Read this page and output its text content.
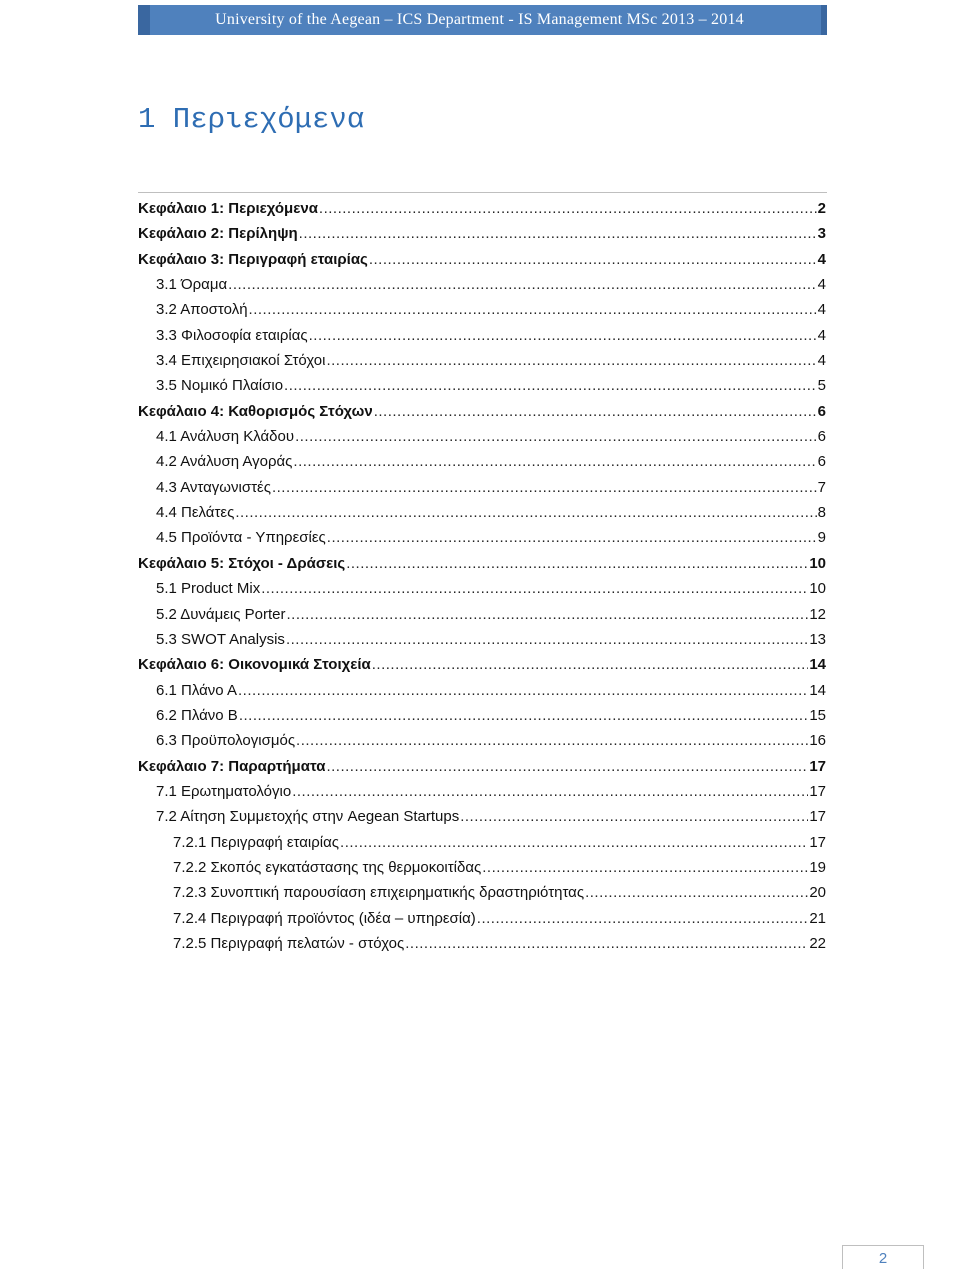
University of the Aegean – ICS Department - IS Management MSc 2013 – 2014
1 Περιεχόμενα
Κεφάλαιο 1: Περιεχόμενα .....	2
Κεφάλαιο 2: Περίληψη .....	3
Κεφάλαιο 3: Περιγραφή εταιρίας .....	4
3.1 Όραμα .....	4
3.2 Αποστολή .....	4
3.3 Φιλοσοφία εταιρίας .....	4
3.4 Επιχειρησιακοί Στόχοι .....	4
3.5 Νομικό Πλαίσιο .....	5
Κεφάλαιο 4: Καθορισμός Στόχων .....	6
4.1 Ανάλυση Κλάδου .....	6
4.2 Ανάλυση Αγοράς .....	6
4.3 Ανταγωνιστές .....	7
4.4 Πελάτες .....	8
4.5 Προϊόντα - Υπηρεσίες .....	9
Κεφάλαιο 5: Στόχοι - Δράσεις .....	10
5.1 Product Mix .....	10
5.2 Δυνάμεις Porter .....	12
5.3 SWOT Analysis .....	13
Κεφάλαιο 6: Οικονομικά Στοιχεία .....	14
6.1 Πλάνο Α .....	14
6.2 Πλάνο Β .....	15
6.3 Προϋπολογισμός .....	16
Κεφάλαιο 7: Παραρτήματα .....	17
7.1 Ερωτηματολόγιο .....	17
7.2 Αίτηση Συμμετοχής στην Aegean Startups .....	17
7.2.1 Περιγραφή εταιρίας .....	17
7.2.2 Σκοπός εγκατάστασης της θερμοκοιτίδας .....	19
7.2.3 Συνοπτική παρουσίαση επιχειρηματικής δραστηριότητας .....	20
7.2.4 Περιγραφή προϊόντος (ιδέα – υπηρεσία) .....	21
7.2.5 Περιγραφή πελατών - στόχος .....	22
2
